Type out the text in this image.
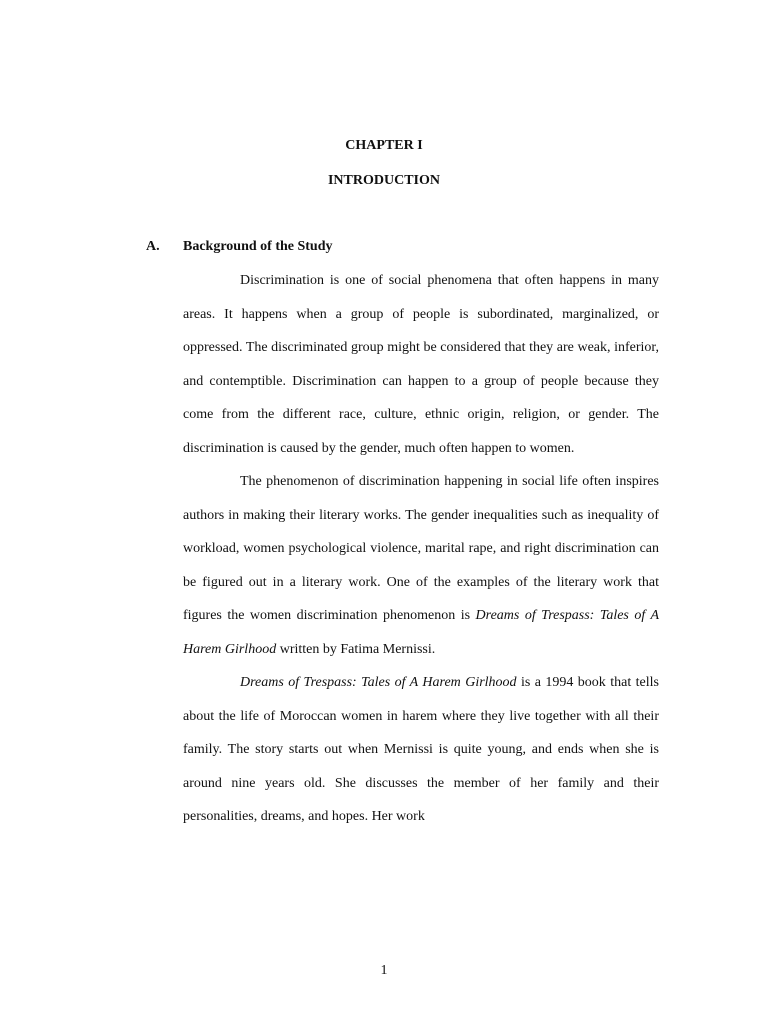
CHAPTER I
INTRODUCTION
A. Background of the Study

Discrimination is one of social phenomena that often happens in many areas. It happens when a group of people is subordinated, marginalized, or oppressed. The discriminated group might be considered that they are weak, inferior, and contemptible. Discrimination can happen to a group of people because they come from the different race, culture, ethnic origin, religion, or gender. The discrimination is caused by the gender, much often happen to women.

The phenomenon of discrimination happening in social life often inspires authors in making their literary works. The gender inequalities such as inequality of workload, women psychological violence, marital rape, and right discrimination can be figured out in a literary work. One of the examples of the literary work that figures the women discrimination phenomenon is Dreams of Trespass: Tales of A Harem Girlhood written by Fatima Mernissi.

Dreams of Trespass: Tales of A Harem Girlhood is a 1994 book that tells about the life of Moroccan women in harem where they live together with all their family. The story starts out when Mernissi is quite young, and ends when she is around nine years old. She discusses the member of her family and their personalities, dreams, and hopes. Her work

1
